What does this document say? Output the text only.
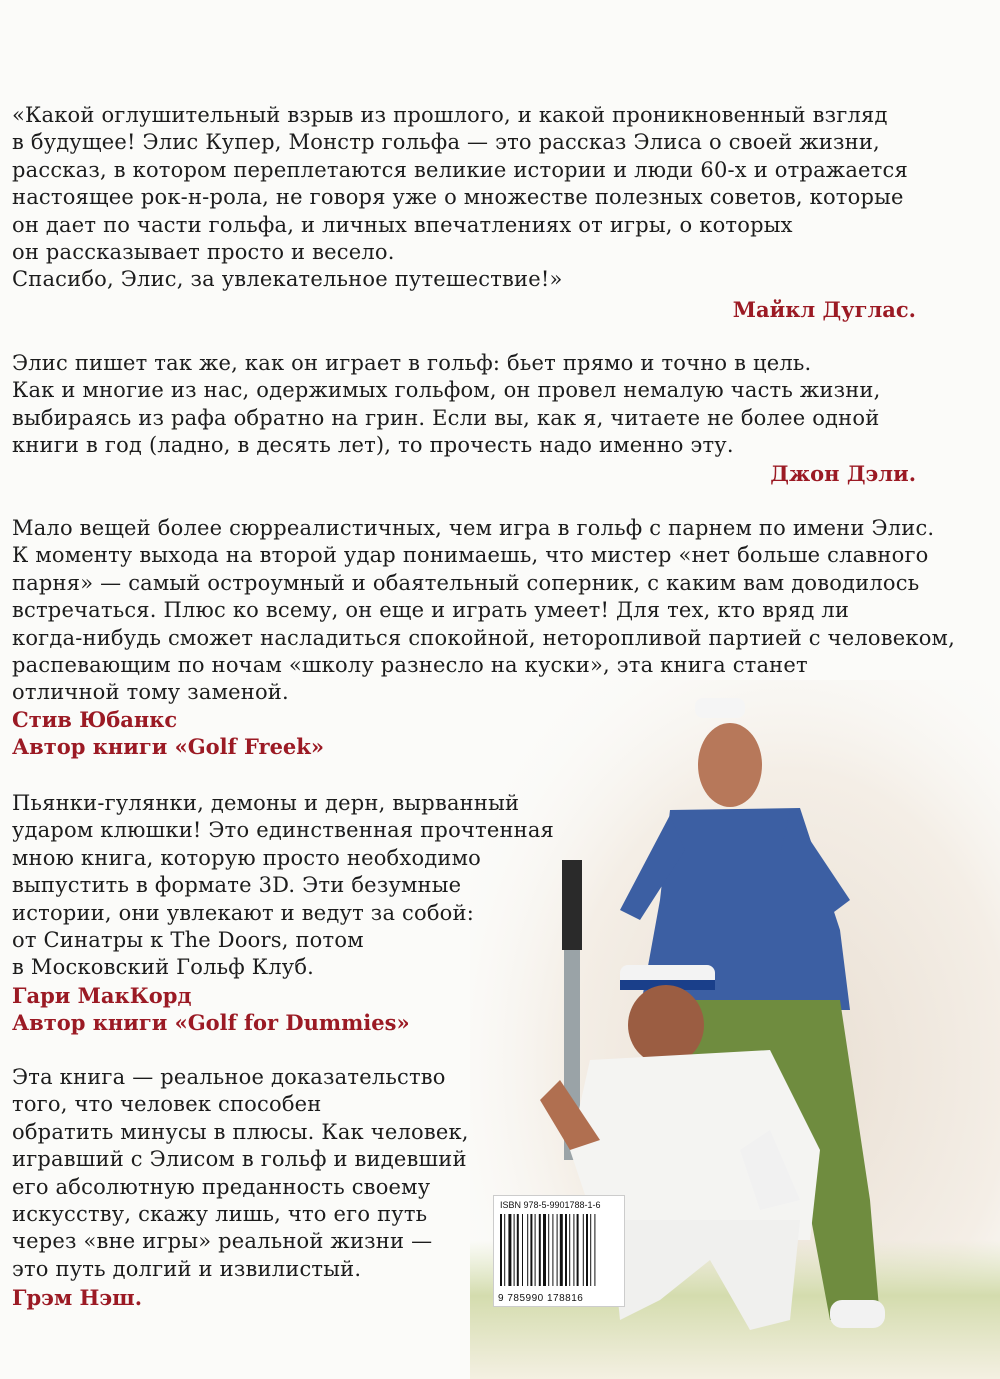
«Какой оглушительный взрыв из прошлого, и какой проникновенный взгляд

в будущее! Элис Купер, Монстр гольфа — это рассказ Элиса о своей жизни,

рассказ, в котором переплетаются великие истории и люди 60-х и отражается

настоящее рок-н-рола, не говоря уже о множестве полезных советов, которые

он дает по части гольфа, и личных впечатлениях от игры, о которых

он рассказывает просто и весело.

Спасибо, Элис, за увлекательное путешествие!»

Майкл Дуглас.

Элис пишет так же, как он играет в гольф: бьет прямо и точно в цель.

Как и многие из нас, одержимых гольфом, он провел немалую часть жизни,

выбираясь из рафа обратно на грин. Если вы, как я, читаете не более одной

книги в год (ладно, в десять лет), то прочесть надо именно эту.

Джон Дэли.

Мало вещей более сюрреалистичных, чем игра в гольф с парнем по имени Элис.

К моменту выхода на второй удар понимаешь, что мистер «нет больше славного

парня» — самый остроумный и обаятельный соперник, с каким вам доводилось

встречаться. Плюс ко всему, он еще и играть умеет! Для тех, кто вряд ли

когда-нибудь сможет насладиться спокойной, неторопливой партией с человеком,

распевающим по ночам «школу разнесло на куски», эта книга станет

отличной тому заменой.

Стив Юбанкс
Автор книги «Golf Freek»

Пьянки-гулянки, демоны и дерн, вырванный

ударом клюшки! Это единственная прочтенная

мною книга, которую просто необходимо

выпустить в формате 3D. Эти безумные

истории, они увлекают и ведут за собой:

от Синатры к The Doors, потом

в Московский Гольф Клуб.

Гари МакКорд
Автор книги «Golf for Dummies»

Эта книга — реальное доказательство

того, что человек способен

обратить минусы в плюсы. Как человек,

игравший с Элисом в гольф и видевший

его абсолютную преданность своему

искусству, скажу лишь, что его путь

через «вне игры» реальной жизни —

это путь долгий и извилистый.

Грэм Нэш.
ISBN 978-5-9901788-1-6
9 785990 178816
